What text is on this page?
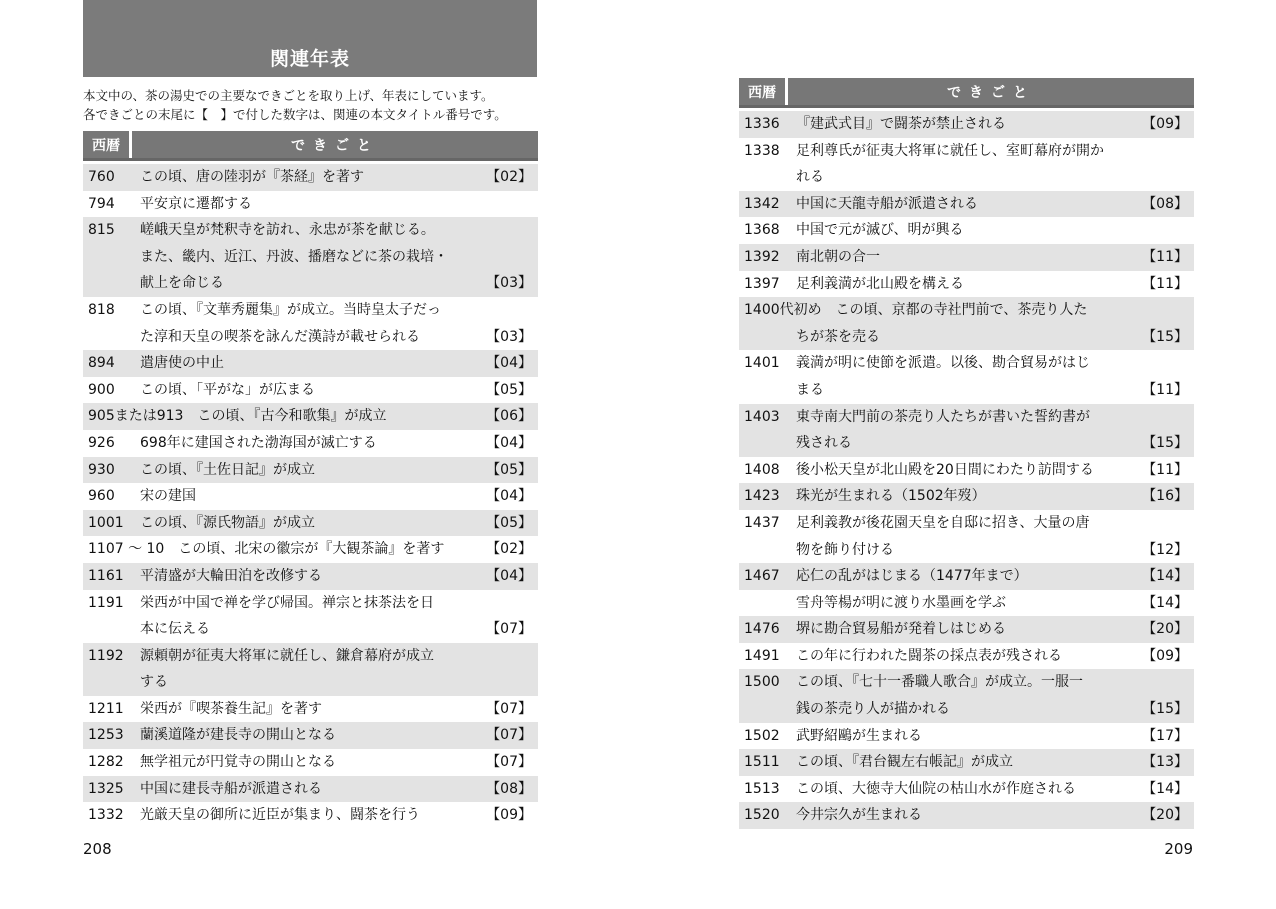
関連年表
本文中の、茶の湯史での主要なできごとを取り上げ、年表にしています。
各できごとの末尾に【　】で付した数字は、関連の本文タイトル番号です。
西暦	できごと
760 この頃、唐の陸羽が『茶経』を著す	【02】
794 平安京に遷都する
815 嵯峨天皇が梵釈寺を訪れ、永忠が茶を献じる。
また、畿内、近江、丹波、播磨などに茶の栽培・
献上を命じる	【03】
818 この頃、『文華秀麗集』が成立。当時皇太子だっ
た淳和天皇の喫茶を詠んだ漢詩が載せられる	【03】
894 遣唐使の中止	【04】
900 この頃、「平がな」が広まる	【05】
905または913 この頃、『古今和歌集』が成立	【06】
926 698年に建国された渤海国が滅亡する	【04】
930 この頃、『土佐日記』が成立	【05】
960 宋の建国	【04】
1001 この頃、『源氏物語』が成立	【05】
1107 ～ 10 この頃、北宋の徽宗が『大観茶論』を著す	【02】
1161 平清盛が大輪田泊を改修する	【04】
1191 栄西が中国で禅を学び帰国。禅宗と抹茶法を日
本に伝える	【07】
1192 源頼朝が征夷大将軍に就任し、鎌倉幕府が成立
する
1211 栄西が『喫茶養生記』を著す	【07】
1253 蘭溪道隆が建長寺の開山となる	【07】
1282 無学祖元が円覚寺の開山となる	【07】
1325 中国に建長寺船が派遣される	【08】
1332 光厳天皇の御所に近臣が集まり、闘茶を行う	【09】
西暦	できごと
1336 『建武式目』で闘茶が禁止される	【09】
1338 足利尊氏が征夷大将軍に就任し、室町幕府が開か
れる
1342 中国に天龍寺船が派遣される	【08】
1368 中国で元が滅び、明が興る
1392 南北朝の合一	【11】
1397 足利義満が北山殿を構える	【11】
1400代初め この頃、京都の寺社門前で、茶売り人た
ちが茶を売る	【15】
1401 義満が明に使節を派遣。以後、勘合貿易がはじ
まる	【11】
1403 東寺南大門前の茶売り人たちが書いた誓約書が
残される	【15】
1408 後小松天皇が北山殿を20日間にわたり訪問する	【11】
1423 珠光が生まれる（1502年歿）	【16】
1437 足利義教が後花園天皇を自邸に招き、大量の唐
物を飾り付ける	【12】
1467 応仁の乱がはじまる（1477年まで）	【14】
雪舟等楊が明に渡り水墨画を学ぶ	【14】
1476 堺に勘合貿易船が発着しはじめる	【20】
1491 この年に行われた闘茶の採点表が残される	【09】
1500 この頃、『七十一番職人歌合』が成立。一服一
銭の茶売り人が描かれる	【15】
1502 武野紹鷗が生まれる	【17】
1511 この頃、『君台観左右帳記』が成立	【13】
1513 この頃、大徳寺大仙院の枯山水が作庭される	【14】
1520 今井宗久が生まれる	【20】
208	209
